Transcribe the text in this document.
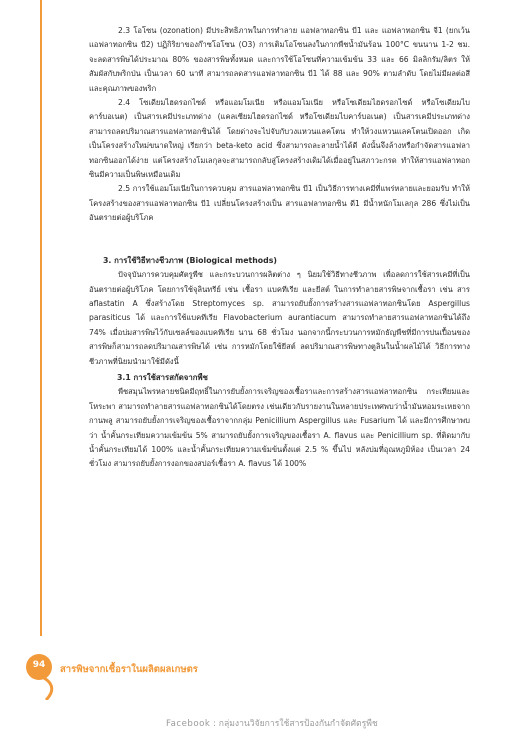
2.3 โอโซน (ozonation) มีประสิทธิภาพในการทำลาย แอฟลาทอกซิน บี1 และ แอฟลาทอกซิน จี1 (ยกเว้น แอฟลาทอกซิน บี2) ปฏิกิริยาของก๊าซโอโซน (O3) การเติมโอโซนลงในกากพืชน้ำมันร้อน 100°C ขนนาน 1-2 ชม. จะลดสารพิษได้ประมาณ 80% ของสารพิษทั้งหมด และการใช้โอโซนที่ความเข้มข้น 33 และ 66 มิลลิกรัม/ลิตร ให้สัมผัสกับพริกป่น เป็นเวลา 60 นาที สามารถลดสารแอฟลาทอกซิน บี1 ได้ 88 และ 90% ตามลำดับ โดยไม่มีผลต่อสีและคุณภาพของพริก

2.4 โซเดียมไฮดรอกไซด์ หรือแอมโมเนีย หรือแอมโมเนีย หรือโซเดียมไฮดรอกไซด์ หรือโซเดียมไบคาร์บอเนต) เป็นสารเคมีประเภทด่าง (แคลเซียมไฮดรอกไซด์ หรือโซเดียมไบคาร์บอเนต) เป็นสารเคมีประเภทด่าง สามารถลดปริมาณสารแอฟลาทอกซินได้ โดยด่างจะไปจับกับวงแหวนแลคโตน ทำให้วงแหวนแลคโตนเปิดออก เกิดเป็นโครงสร้างใหม่ขนาดใหญ่ เรียกว่า beta-keto acid ซึ่งสามารถละลายน้ำได้ดี ดังนั้นจึงล้างหรือกำจัดสารแอฟลาทอกซินออกได้ง่าย แต่โครงสร้างโมเลกุลจะสามารถกลับสู่โครงสร้างเดิมได้เมื่ออยู่ในสภาวะกรด ทำให้สารแอฟลาทอกซินมีความเป็นพิษเหมือนเดิม

2.5 การใช้แอมโมเนียในการควบคุม สารแอฟลาทอกซิน บี1 เป็นวิธีการทางเคมีที่แพร่หลายและยอมรับ ทำให้โครงสร้างของสารแอฟลาทอกซิน บี1 เปลี่ยนโครงสร้างเป็น สารแอฟลาทอกซิน ดี1 มีน้ำหนักโมเลกุล 286 ซึ่งไม่เป็นอันตรายต่อผู้บริโภค

3. การใช้วิธีทางชีวภาพ (Biological methods)

ปัจจุบันการควบคุมศัตรูพืช และกระบวนการผลิตต่าง ๆ นิยมใช้วิธีทางชีวภาพ เพื่อลดการใช้สารเคมีที่เป็นอันตรายต่อผู้บริโภค โดยการใช้จุลินทรีย์ เช่น เชื้อรา แบคทีเรีย และยีสต์ ในการทำลายสารพิษจากเชื้อรา เช่น สาร aflastatin A ซึ่งสร้างโดย Streptomyces sp. สามารถยับยั้งการสร้างสารแอฟลาทอกซินโดย Aspergillus parasiticus ได้ และการใช้แบคทีเรีย Flavobacterium aurantiacum สามารถทำลายสารแอฟลาทอกซินได้ถึง 74% เมื่อบ่มสารพิษไว้กับเซลล์ของแบคทีเรีย นาน 68 ชั่วโมง นอกจากนี้กระบวนการหมักธัญพืชที่มีการปนเปื้อนของสารพิษก็สามารถลดปริมาณสารพิษได้ เช่น การหมักโดยใช้ยีสต์ ลดปริมาณสารพิษทางตูลินในน้ำผลไม้ได้ วิธีการทางชีวภาพที่นิยมนำมาใช้มีดังนี้

3.1 การใช้สารสกัดจากพืช

พืชสมุนไพรหลายชนิดมีฤทธิ์ในการยับยั้งการเจริญของเชื้อราและการสร้างสารแอฟลาทอกซิน กระเทียมและโหระพา สามารถทำลายสารแอฟลาทอกซินได้โดยตรง เช่นเดียวกับรายงานในหลายประเทศพบว่าน้ำมันหอมระเหยจากกานพลู สามารถยับยั้งการเจริญของเชื้อราจากกลุ่ม Penicillium Aspergillus และ Fusarium ได้ และมีการศึกษาพบว่า น้ำคั้นกระเทียมความเข้มข้น 5% สามารถยับยั้งการเจริญของเชื้อรา A. flavus และ Penicillium sp. ที่ติดมากับน้ำคั้นกระเทียมได้ 100% และน้ำคั้นกระเทียมความเข้มข้นตั้งแต่ 2.5 % ขึ้นไป หลังบ่มที่อุณหภูมิห้อง เป็นเวลา 24 ชั่วโมง สามารถยับยั้งการงอกของสปอร์เชื้อรา A. flavus ได้ 100%

94	สารพิษจากเชื้อราในผลิตผลเกษตร
Facebook : กลุ่มงานวิจัยการใช้สารป้องกันกำจัดศัตรูพืช
